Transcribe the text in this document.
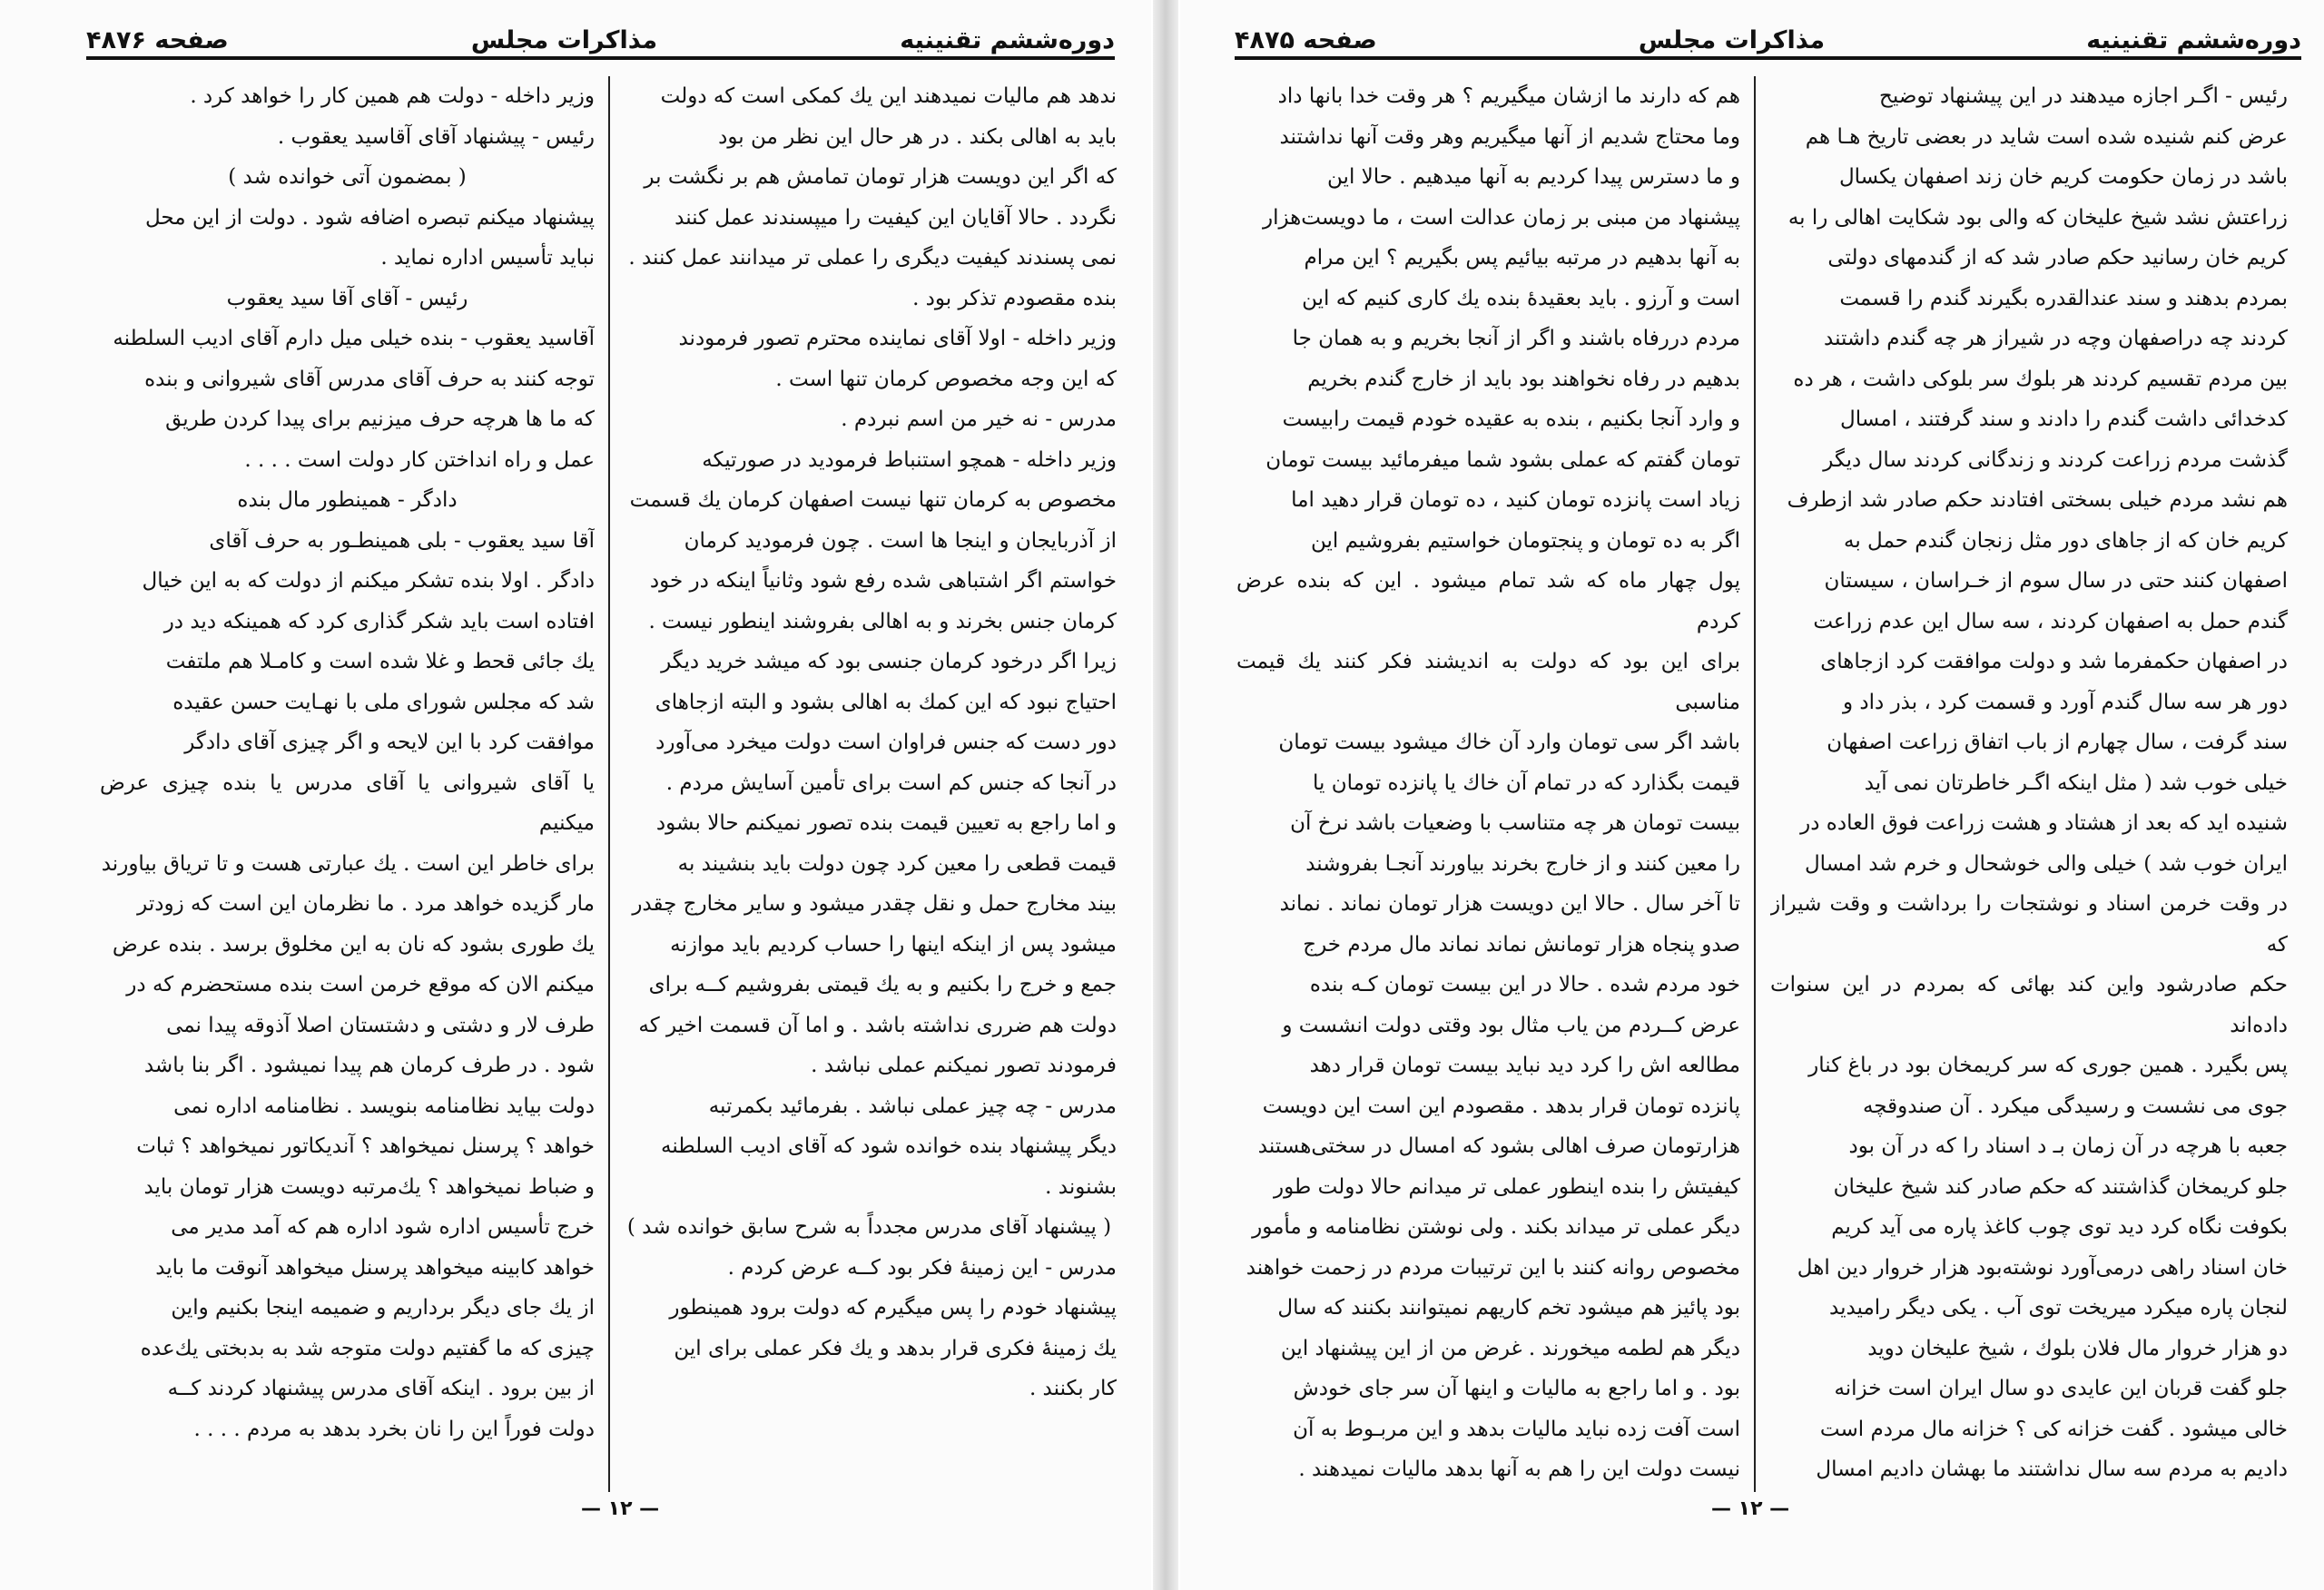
دوره‌ششم تقنینیه
مذاکرات مجلس
صفحه ۴۸۷۶

ندهد هم مالیات نمیدهند این یك کمکی است که دولت

باید به اهالی بکند . در هر حال این نظر من بود

که اگر این دویست هزار تومان تمامش هم بر نگشت بر

نگردد . حالا آقایان این کیفیت را میپسندند عمل کنند

نمی پسندند کیفیت دیگری را عملی تر میدانند عمل کنند .

بنده مقصودم تذکر بود .

وزیر داخله - اولا آقای نماینده محترم تصور فرمودند

که این وجه مخصوص کرمان تنها است .

مدرس - نه خیر من اسم نبردم .

وزیر داخله - همچو استنباط فرمودید در صورتیکه

مخصوص به کرمان تنها نیست اصفهان کرمان یك قسمت

از آذربایجان و اینجا ها است . چون فرمودید کرمان

خواستم اگر اشتباهی شده رفع شود وثانیاً اینکه در خود

کرمان جنس بخرند و به اهالی بفروشند اینطور نیست .

زیرا اگر درخود کرمان جنسی بود که میشد خرید دیگر

احتیاج نبود که این کمك به اهالی بشود و البته ازجاهای

دور دست که جنس فراوان است دولت میخرد می‌آورد

در آنجا که جنس کم است برای تأمین آسایش مردم .

و اما راجع به تعیین قیمت بنده تصور نمیکنم حالا بشود

قیمت قطعی را معین کرد چون دولت باید بنشیند به

بیند مخارج حمل و نقل چقدر میشود و سایر مخارج چقدر

میشود پس از اینکه اینها را حساب کردیم باید موازنه

جمع و خرج را بکنیم و به یك قیمتی بفروشیم کــه برای

دولت هم ضرری نداشته باشد . و اما آن قسمت اخیر که

فرمودند تصور نمیکنم عملی نباشد .

مدرس - چه چیز عملی نباشد . بفرمائید بکمرتبه

دیگر پیشنهاد بنده خوانده شود که آقای ادیب السلطنه

بشنوند .

( پیشنهاد آقای مدرس مجدداً به شرح سابق خوانده شد )

مدرس - این زمینهٔ فکر بود کــه عرض کردم .

پیشنهاد خودم را پس میگیرم که دولت برود همینطور

یك زمینهٔ فکری قرار بدهد و یك فکر عملی برای این

کار بکنند .

وزیر داخله - دولت هم همین کار را خواهد کرد .

رئیس - پیشنهاد آقای آقاسید یعقوب .

( بمضمون آتی خوانده شد )

پیشنهاد میکنم تبصره اضافه شود . دولت از این محل

نباید تأسیس اداره نماید .

رئیس - آقای آقا سید یعقوب

آقاسید یعقوب - بنده خیلی میل دارم آقای ادیب السلطنه

توجه کنند به حرف آقای مدرس آقای شیروانی و بنده

که ما ها هرچه حرف میزنیم برای پیدا کردن طریق

عمل و راه انداختن کار دولت است . . . .

دادگر - همینطور مال بنده

آقا سید یعقوب - بلی همینطـور به حرف آقای

دادگر . اولا بنده تشکر میکنم از دولت که به این خیال

افتاده است باید شکر گذاری کرد که همینکه دید در

یك جائی قحط و غلا شده است و کامـلا هم ملتفت

شد که مجلس شورای ملی با نهـایت حسن عقیده

موافقت کرد با این لایحه و اگر چیزی آقای دادگر

یا آقای شیروانی یا آقای مدرس یا بنده چیزی عرض میکنیم

برای خاطر این است . یك عبارتی هست و تا تریاق بیاورند

مار گزیده خواهد مرد . ما نظرمان این است که زودتر

یك طوری بشود که نان به این مخلوق برسد . بنده عرض

میکنم الان که موقع خرمن است بنده مستحضرم که در

طرف لار و دشتی و دشتستان اصلا آذوقه پیدا نمی

شود . در طرف کرمان هم پیدا نمیشود . اگر بنا باشد

دولت بیاید نظامنامه بنویسد . نظامنامه اداره نمی

خواهد ؟ پرسنل نمیخواهد ؟ آندیکاتور نمیخواهد ؟ ثبات

و ضباط نمیخواهد ؟ یك‌مرتبه دویست هزار تومان باید

خرج تأسیس اداره شود اداره هم که آمد مدیر می

خواهد کابینه میخواهد پرسنل میخواهد آنوقت ما باید

از یك جای دیگر برداریم و ضمیمه اینجا بکنیم واین

چیزی که ما گفتیم دولت متوجه شد به بدبختی یك‌عده

از بین برود . اینکه آقای مدرس پیشنهاد کردند کــه

دولت فوراً این را نان بخرد بدهد به مردم . . . .

— ۱۲ —
دوره‌ششم تقنینیه
مذاکرات مجلس
صفحه ۴۸۷۵

رئیس - اگـر اجازه میدهند در این پیشنهاد توضیح

عرض کنم شنیده شده است شاید در بعضی تاریخ هـا هم

باشد در زمان حکومت کریم خان زند اصفهان یکسال

زراعتش نشد شیخ علیخان که والی بود شکایت اهالی را به

کریم خان رسانید حکم صادر شد که از گندمهای دولتی

بمردم بدهند و سند عندالقدره بگیرند گندم را قسمت

کردند چه دراصفهان وچه در شیراز هر چه گندم داشتند

بین مردم تقسیم کردند هر بلوك سر بلوکی داشت ، هر ده

کدخدائی داشت گندم را دادند و سند گرفتند ، امسال

گذشت مردم زراعت کردند و زندگانی کردند سال دیگر

هم نشد مردم خیلی بسختی افتادند حکم صادر شد ازطرف

کریم خان که از جاهای دور مثل زنجان گندم حمل به

اصفهان کنند حتی در سال سوم از خـراسان ، سیستان

گندم حمل به اصفهان کردند ، سه سال این عدم زراعت

در اصفهان حکمفرما شد و دولت موافقت کرد ازجاهای

دور هر سه سال گندم آورد و قسمت کرد ، بذر داد و

سند گرفت ، سال چهارم از باب اتفاق زراعت اصفهان

خیلی خوب شد ( مثل اینکه اگـر خاطرتان نمی آید

شنیده اید که بعد از هشتاد و هشت زراعت فوق العاده در

ایران خوب شد ) خیلی والی خوشحال و خرم شد امسال

در وقت خرمن اسناد و نوشتجات را برداشت و وقت شیراز که

حکم صادرشود واین کند بهائی که بمردم در این سنوات داده‌اند

پس بگیرد . همین جوری که سر کریمخان بود در باغ کنار

جوی می نشست و رسیدگی میکرد . آن صندوقچه

جعبه با هرچه در آن زمان بـ د اسناد را که در آن بود

جلو کریمخان گذاشتند که حکم صادر کند شیخ علیخان

بکوفت نگاه کرد دید توی چوب کاغذ پاره می آید کریم

خان اسناد راهی درمی‌آورد نوشته‌بود هزار خروار دین اهل

لنجان پاره میکرد میریخت توی آب . یکی دیگر رامیدید

دو هزار خروار مال فلان بلوك ، شیخ علیخان دوید

جلو گفت قربان این عایدی دو سال ایران است خزانه

خالی میشود . گفت خزانه کی ؟ خزانه مال مردم است

دادیم به مردم سه سال نداشتند ما بهشان دادیم امسال

هم که دارند ما ازشان میگیریم ؟ هر وقت خدا بانها داد

وما محتاج شدیم از آنها میگیریم وهر وقت آنها نداشتند

و ما دسترس پیدا کردیم به آنها میدهیم . حالا این

پیشنهاد من مبنی بر زمان عدالت است ، ما دویست‌هزار

به آنها بدهیم در مرتبه بیائیم پس بگیریم ؟ این مرام

است و آرزو . باید بعقیدهٔ بنده یك کاری کنیم که این

مردم دررفاه باشند و اگر از آنجا بخریم و به همان جا

بدهیم در رفاه نخواهند بود باید از خارج گندم بخریم

و وارد آنجا بکنیم ، بنده به عقیده خودم قیمت رابیست

تومان گفتم که عملی بشود شما میفرمائید بیست تومان

زیاد است پانزده تومان کنید ، ده تومان قرار دهید اما

اگر به ده تومان و پنجتومان خواستیم بفروشیم این

پول چهار ماه که شد تمام میشود . این که بنده عرض کردم

برای این بود که دولت به اندیشند فکر کنند یك قیمت مناسبی

باشد اگر سی تومان وارد آن خاك میشود بیست تومان

قیمت بگذارد که در تمام آن خاك یا پانزده تومان یا

بیست تومان هر چه متناسب با وضعیات باشد نرخ آن

را معین کنند و از خارج بخرند بیاورند آنجـا بفروشند

تا آخر سال . حالا این دویست هزار تومان نماند . نماند

صدو پنجاه هزار تومانش نماند نماند مال مردم خرج

خود مردم شده . حالا در این بیست تومان کـه بنده

عرض کــردم من یاب مثال بود وقتی دولت انشست و

مطالعه اش را کرد دید نباید بیست تومان قرار دهد

پانزده تومان قرار بدهد . مقصودم این است این دویست

هزارتومان صرف اهالی بشود که امسال در سختی‌هستند

کیفیتش را بنده اینطور عملی تر میدانم حالا دولت طور

دیگر عملی تر میداند بکند . ولی نوشتن نظامنامه و مأمور

مخصوص روانه کنند با این ترتیبات مردم در زحمت خواهند

بود پائیز هم میشود تخم کاریهم نمیتوانند بکنند که سال

دیگر هم لطمه میخورند . غرض من از این پیشنهاد این

بود . و اما راجع به مالیات و اینها آن سر جای خودش

است آفت زده نباید مالیات بدهد و این مربـوط به آن

نیست دولت این را هم به آنها بدهد مالیات نمیدهند .

— ۱۲ —
